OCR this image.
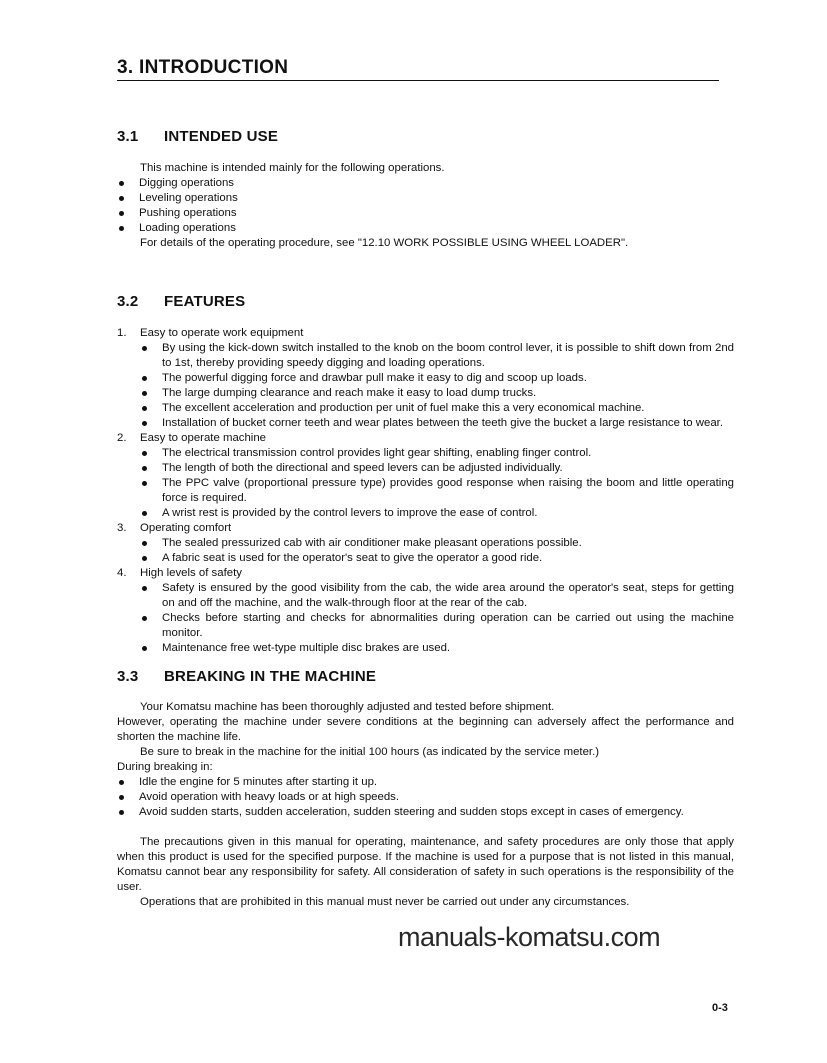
3. INTRODUCTION
3.1 INTENDED USE

This machine is intended mainly for the following operations.

Digging operations

Leveling operations

Pushing operations

Loading operations

For details of the operating procedure, see "12.10 WORK POSSIBLE USING WHEEL LOADER".

3.2 FEATURES
1. Easy to operate work equipment

By using the kick-down switch installed to the knob on the boom control lever, it is possible to shift down from 2nd to 1st, thereby providing speedy digging and loading operations.

The powerful digging force and drawbar pull make it easy to dig and scoop up loads.

The large dumping clearance and reach make it easy to load dump trucks.

The excellent acceleration and production per unit of fuel make this a very economical machine.

Installation of bucket corner teeth and wear plates between the teeth give the bucket a large resistance to wear.

2. Easy to operate machine

The electrical transmission control provides light gear shifting, enabling finger control.

The length of both the directional and speed levers can be adjusted individually.

The PPC valve (proportional pressure type) provides good response when raising the boom and little operating force is required.

A wrist rest is provided by the control levers to improve the ease of control.

3. Operating comfort

The sealed pressurized cab with air conditioner make pleasant operations possible.

A fabric seat is used for the operator's seat to give the operator a good ride.

4. High levels of safety

Safety is ensured by the good visibility from the cab, the wide area around the operator's seat, steps for getting on and off the machine, and the walk-through floor at the rear of the cab.

Checks before starting and checks for abnormalities during operation can be carried out using the machine monitor.

Maintenance free wet-type multiple disc brakes are used.

3.3 BREAKING IN THE MACHINE

Your Komatsu machine has been thoroughly adjusted and tested before shipment.

However, operating the machine under severe conditions at the beginning can adversely affect the performance and shorten the machine life.

Be sure to break in the machine for the initial 100 hours (as indicated by the service meter.)

During breaking in:

Idle the engine for 5 minutes after starting it up.

Avoid operation with heavy loads or at high speeds.

Avoid sudden starts, sudden acceleration, sudden steering and sudden stops except in cases of emergency.

The precautions given in this manual for operating, maintenance, and safety procedures are only those that apply when this product is used for the specified purpose. If the machine is used for a purpose that is not listed in this manual, Komatsu cannot bear any responsibility for safety. All consideration of safety in such operations is the responsibility of the user.

Operations that are prohibited in this manual must never be carried out under any circumstances.

manuals-komatsu.com
0-3
